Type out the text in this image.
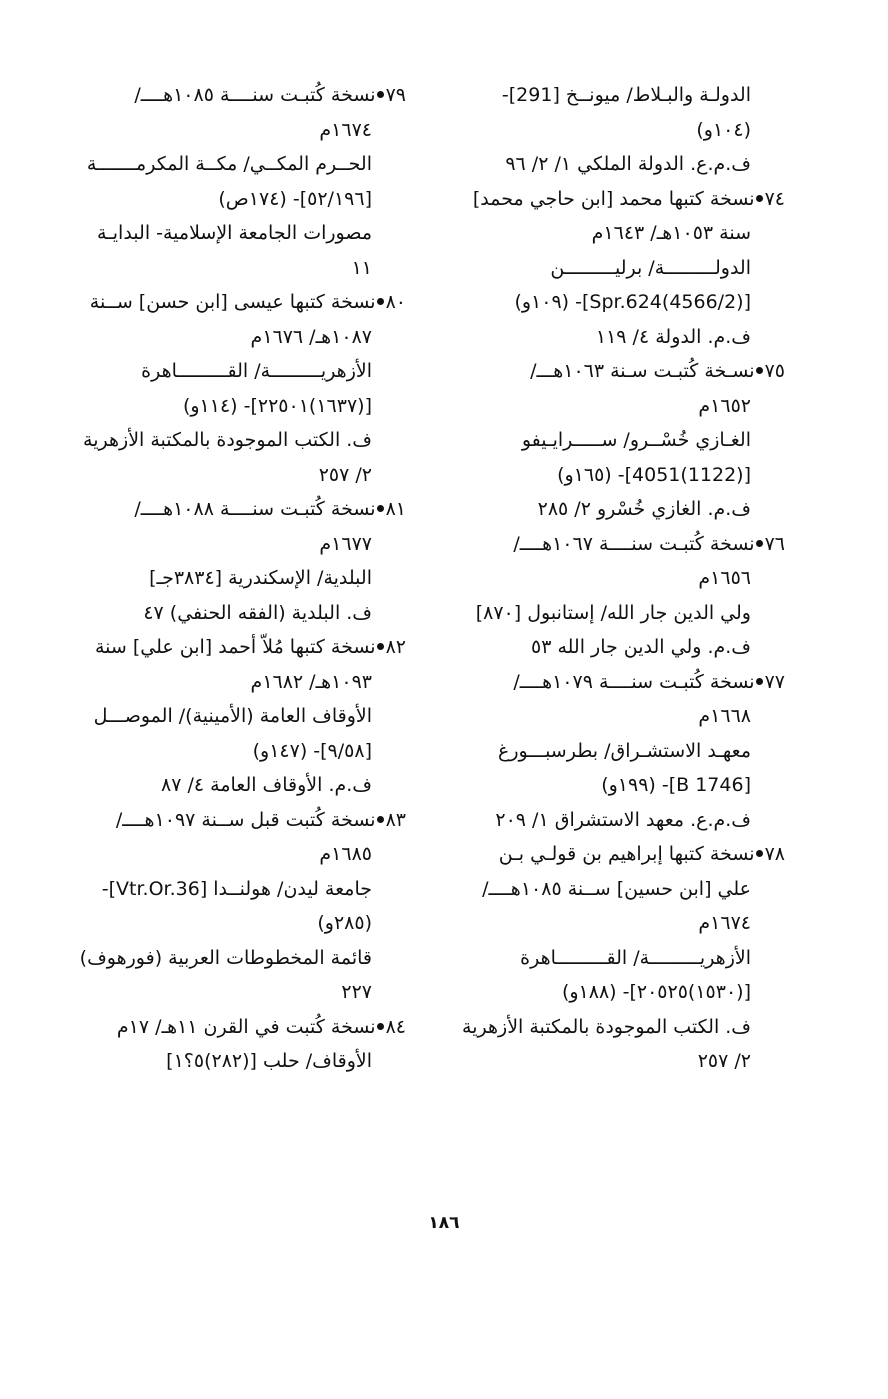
الدولـة والبـلاط/ ميونــخ [291]-
(١٠٤و)
ف.م.ع. الدولة الملكي ١/ ٢/ ٩٦
٧٤نسخة كتبها محمد [ابن حاجي محمد]
سنة ١٠٥٣هـ/ ١٦٤٣م
الدولـــــــــة/ برليـــــــــن
[(4566/2)Spr.624]- (١٠٩و)
ف.م. الدولة ٤/ ١١٩
٧٥نسـخة كُتبـت سـنة ١٠٦٣هـــ/
١٦٥٢م
الغـازي خُسْــرو/ ســـــرايـيفو
[(1122)4051]- (١٦٥و)
ف.م. الغازي خُسْرو ٢/ ٢٨٥
٧٦نسخة كُتبـت سنــــة ١٠٦٧هــــ/
١٦٥٦م
ولي الدين جار الله/ إستانبول [٨٧٠]
ف.م. ولي الدين جار الله ٥٣
٧٧نسخة كُتبـت سنــــة ١٠٧٩هــــ/
١٦٦٨م
معهـد الاستشـراق/ بطرسبـــورغ
[B 1746]- (١٩٩و)
ف.م.ع. معهد الاستشراق ١/ ٢٠٩
٧٨نسخة كتبها إبراهيم بن قولـي بـن
علي [ابن حسين] ســنة ١٠٨٥هــــ/
١٦٧٤م
الأزهريـــــــــة/ القـــــــــاهرة
[(١٥٣٠)٢٠٥٢٥]- (١٨٨و)
ف. الكتب الموجودة بالمكتبة الأزهرية
٢/ ٢٥٧
٧٩نسخة كُتبـت سنــــة ١٠٨٥هــــ/
١٦٧٤م
الحــرم المكــي/ مكــة المكرمـــــــة
[٥٢/١٩٦]- (١٧٤ص)
مصورات الجامعة الإسلامية- البدايـة
١١
٨٠نسخة كتبها عيسى [ابن حسن] ســنة
١٠٨٧هـ/ ١٦٧٦م
الأزهريـــــــــة/ القـــــــــاهرة
[(١٦٣٧)٢٢٥٠١]- (١١٤و)
ف. الكتب الموجودة بالمكتبة الأزهرية
٢/ ٢٥٧
٨١نسخة كُتبـت سنــــة ١٠٨٨هــــ/
١٦٧٧م
البلدية/ الإسكندرية [٣٨٣٤جـ]
ف. البلدية (الفقه الحنفي) ٤٧
٨٢نسخة كتبها مُلاّ أحمد [ابن علي] سنة
١٠٩٣هـ/ ١٦٨٢م
الأوقاف العامة (الأمينية)/ الموصـــل
[٩/٥٨]- (١٤٧و)
ف.م. الأوقاف العامة ٤/ ٨٧
٨٣نسخة كُتبت قبل ســنة ١٠٩٧هــــ/
١٦٨٥م
جامعة ليدن/ هولنــدا [Vtr.Or.36]-
(٢٨٥و)
قائمة المخطوطات العربية (فورهوف)
٢٢٧
٨٤نسخة كُتبت في القرن ١١هـ/ ١٧م
الأوقاف/ حلب [(٢٨٢)٥؟١]
١٨٦
